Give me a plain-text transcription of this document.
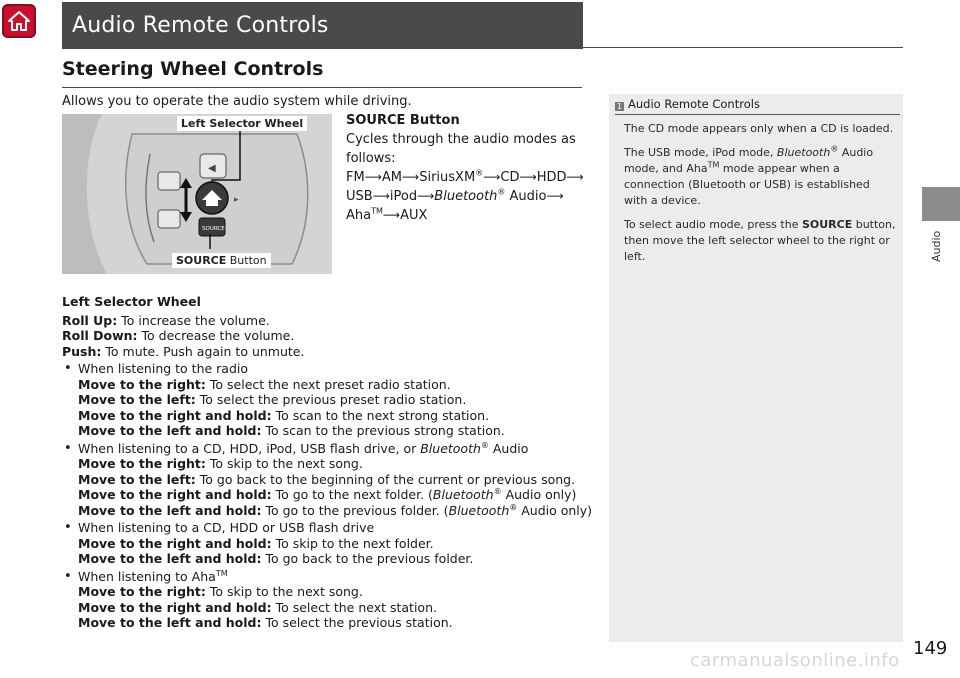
Audio Remote Controls
Steering Wheel Controls
Allows you to operate the audio system while driving.
◀
SOURCE
▸
Left Selector Wheel
SOURCE Button
SOURCE Button
Cycles through the audio modes as
follows:
FM⟶AM⟶SiriusXM®⟶CD⟶HDD⟶
USB⟶iPod⟶Bluetooth® Audio⟶
Aha™⟶AUX

Left Selector Wheel

Roll Up: To increase the volume.

Roll Down: To decrease the volume.

Push: To mute. Push again to unmute.

• When listening to the radio
Move to the right: To select the next preset radio station.
Move to the left: To select the previous preset radio station.
Move to the right and hold: To scan to the next strong station.
Move to the left and hold: To scan to the previous strong station.
• When listening to a CD, HDD, iPod, USB flash drive, or Bluetooth® Audio
Move to the right: To skip to the next song.
Move to the left: To go back to the beginning of the current or previous song.
Move to the right and hold: To go to the next folder. (Bluetooth® Audio only)
Move to the left and hold: To go to the previous folder. (Bluetooth® Audio only)
• When listening to a CD, HDD or USB flash drive
Move to the right and hold: To skip to the next folder.
Move to the left and hold: To go back to the previous folder.
• When listening to Aha™
Move to the right: To skip to the next song.
Move to the right and hold: To select the next station.
Move to the left and hold: To select the previous station.
1 Audio Remote Controls

The CD mode appears only when a CD is loaded.

The USB mode, iPod mode, Bluetooth® Audio mode, and Aha™ mode appear when a connection (Bluetooth or USB) is established with a device.

To select audio mode, press the SOURCE button, then move the left selector wheel to the right or left.	Audio
149
carmanualsonline.info
